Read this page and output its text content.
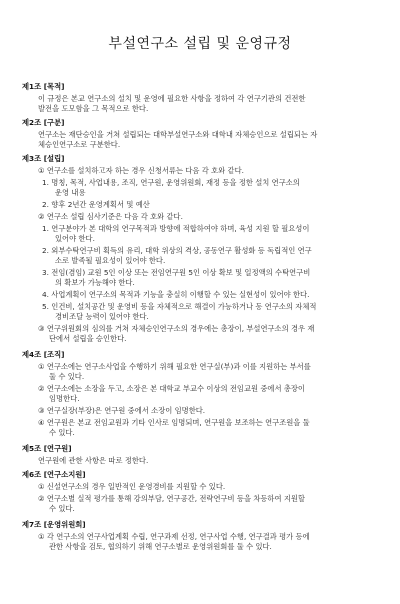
부설연구소 설립 및 운영규정
제1조 [목적]
이 규정은 본교 연구소의 설치 및 운영에 필요한 사항을 정하여 각 연구기관의 건전한
발전을 도모함을 그 목적으로 한다.
제2조 [구분]
연구소는 재단승인을 거쳐 설립되는 대학부설연구소와 대학내 자체승인으로 설립되는 자
체승인연구소로 구분한다.
제3조 [설립]
① 연구소를 설치하고자 하는 경우 신청서류는 다음 각 호와 같다.
1. 명칭, 목적, 사업내용, 조직, 연구원, 운영위원회, 재정 등을 정한 설치 연구소의
운영 내용
2. 향후 2년간 운영계획서 및 예산
② 연구소 설립 심사기준은 다음 각 호와 같다.
1. 연구분야가 본 대학의 연구목적과 방향에 적합하여야 하며, 육성 지원 할 필요성이
있어야 한다.
2. 외부수탁연구비 획득의 유리, 대학 위상의 격상, 공동연구 활성화 등 독립적인 연구
소로 발족될 필요성이 있어야 한다.
3. 전임(겸임) 교원 5인 이상 또는 전임연구원 5인 이상 확보 및 일정액의 수탁연구비
의 확보가 가능해야 한다.
4. 사업계획이 연구소의 목적과 기능을 충실히 이행할 수 있는 실현성이 있어야 한다.
5. 인건비, 설치공간 및 운영비 등을 자체적으로 해결이 가능하거나 동 연구소의 자체적
경비조달 능력이 있어야 한다.
③ 연구위원회의 심의를 거쳐 자체승인연구소의 경우에는 총장이, 부설연구소의 경우 재
단에서 설립을 승인한다.
제4조 [조직]
① 연구소에는 연구소사업을 수행하기 위해 필요한 연구실(부)과 이를 지원하는 부서를
둘 수 있다.
② 연구소에는 소장을 두고, 소장은 본 대학교 부교수 이상의 전임교원 중에서 총장이
임명한다.
③ 연구실장(부장)은 연구원 중에서 소장이 임명한다.
④ 연구원은 본교 전임교원과 기타 인사로 임명되며, 연구원을 보조하는 연구조원을 둘
수 있다.
제5조 [연구원]
연구원에 관한 사항은 따로 정한다.
제6조 [연구소지원]
① 신설연구소의 경우 일반적인 운영경비를 지원할 수 있다.
② 연구소별 실적 평가를 통해 강의부담, 연구공간, 전략연구비 등을 차등하여 지원할
수 있다.
제7조 [운영위원회]
① 각 연구소의 연구사업계획 수립, 연구과제 선정, 연구사업 수행, 연구결과 평가 등에
관한 사항을 검토, 협의하기 위해 연구소별로 운영위원회를 둘 수 있다.
